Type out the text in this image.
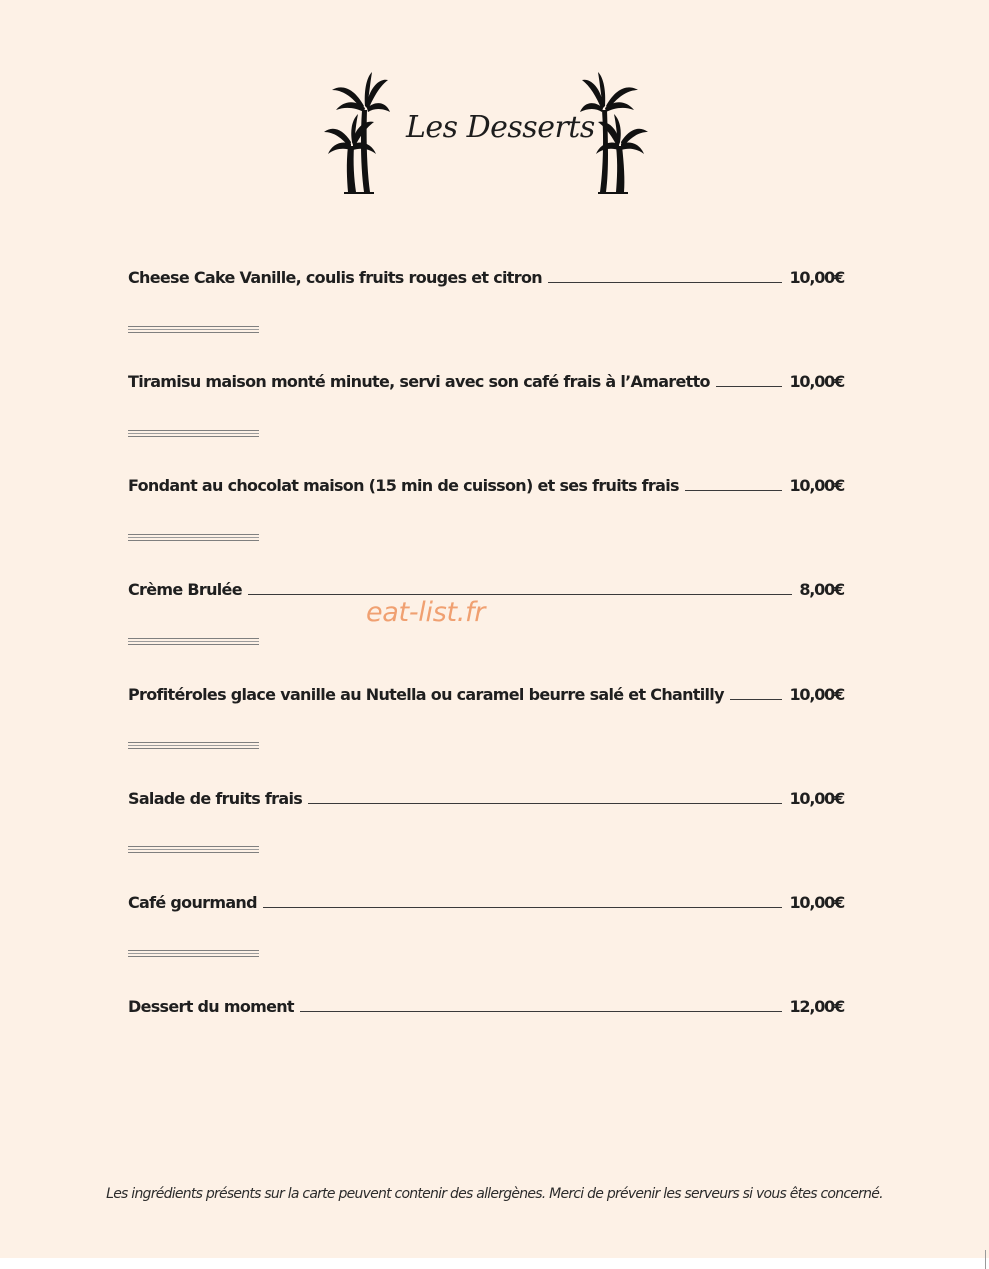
Les Desserts
Cheese Cake Vanille, coulis fruits rouges et citron	10,00€
Tiramisu maison monté minute, servi avec son café frais à l’Amaretto	10,00€
Fondant au chocolat maison (15 min de cuisson) et ses fruits frais	10,00€
Crème Brulée	8,00€
Profitéroles glace vanille au Nutella ou caramel beurre salé et Chantilly	10,00€
Salade de fruits frais	10,00€
Café gourmand	10,00€
Dessert du moment	12,00€
eat-list.fr
Les ingrédients présents sur la carte peuvent contenir des allergènes. Merci de prévenir les serveurs si vous êtes concerné.
